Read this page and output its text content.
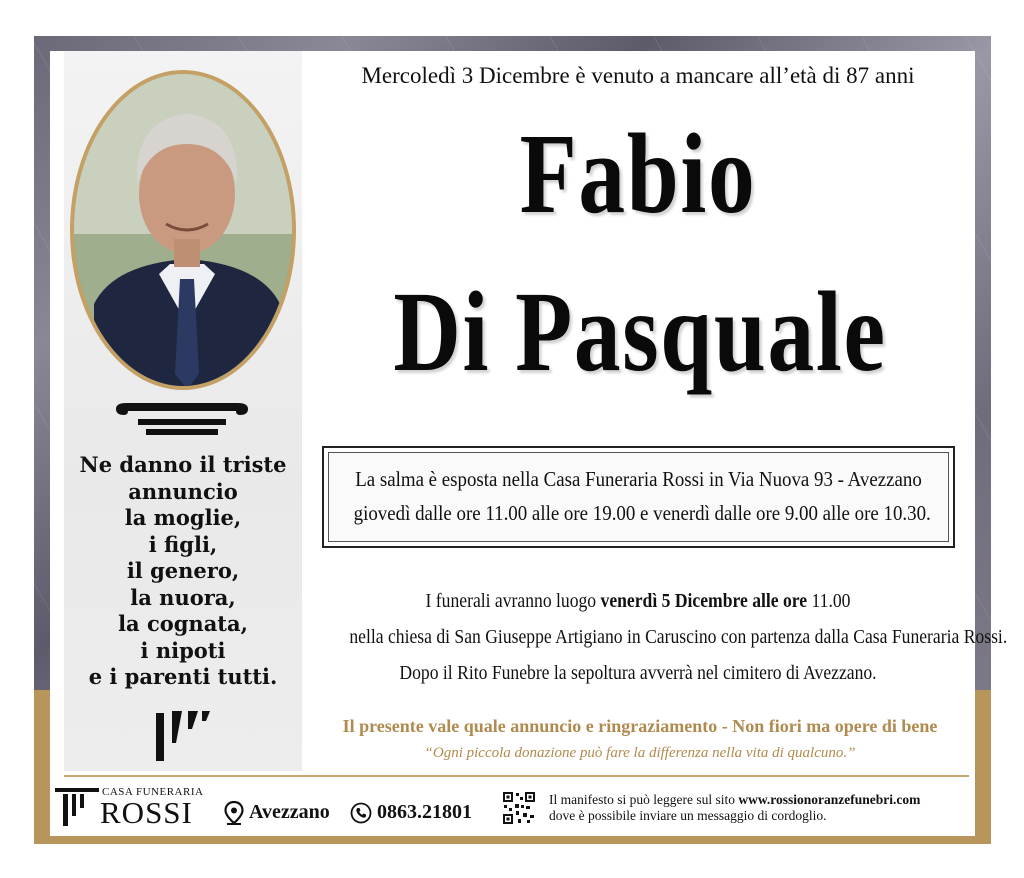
Ne danno il triste
annuncio
la moglie,
i figli,
il genero,
la nuora,
la cognata,
i nipoti
e i parenti tutti.
Mercoledì 3 Dicembre è venuto a mancare all’età di 87 anni
Fabio
Di Pasquale
La salma è esposta nella Casa Funeraria Rossi in Via Nuova 93 - Avezzano
giovedì dalle ore 11.00 alle ore 19.00 e venerdì dalle ore 9.00 alle ore 10.30.
I funerali avranno luogo venerdì 5 Dicembre alle ore 11.00
nella chiesa di San Giuseppe Artigiano in Caruscino con partenza dalla Casa Funeraria Rossi.
Dopo il Rito Funebre la sepoltura avverrà nel cimitero di Avezzano.
Il presente vale quale annuncio e ringraziamento - Non fiori ma opere di bene
“Ogni piccola donazione può fare la differenza nella vita di qualcuno.”
CASA FUNERARIA
ROSSI	Avezzano 0863.21801
Il manifesto si può leggere sul sito www.rossionoranzefunebri.com
dove è possibile inviare un messaggio di cordoglio.
